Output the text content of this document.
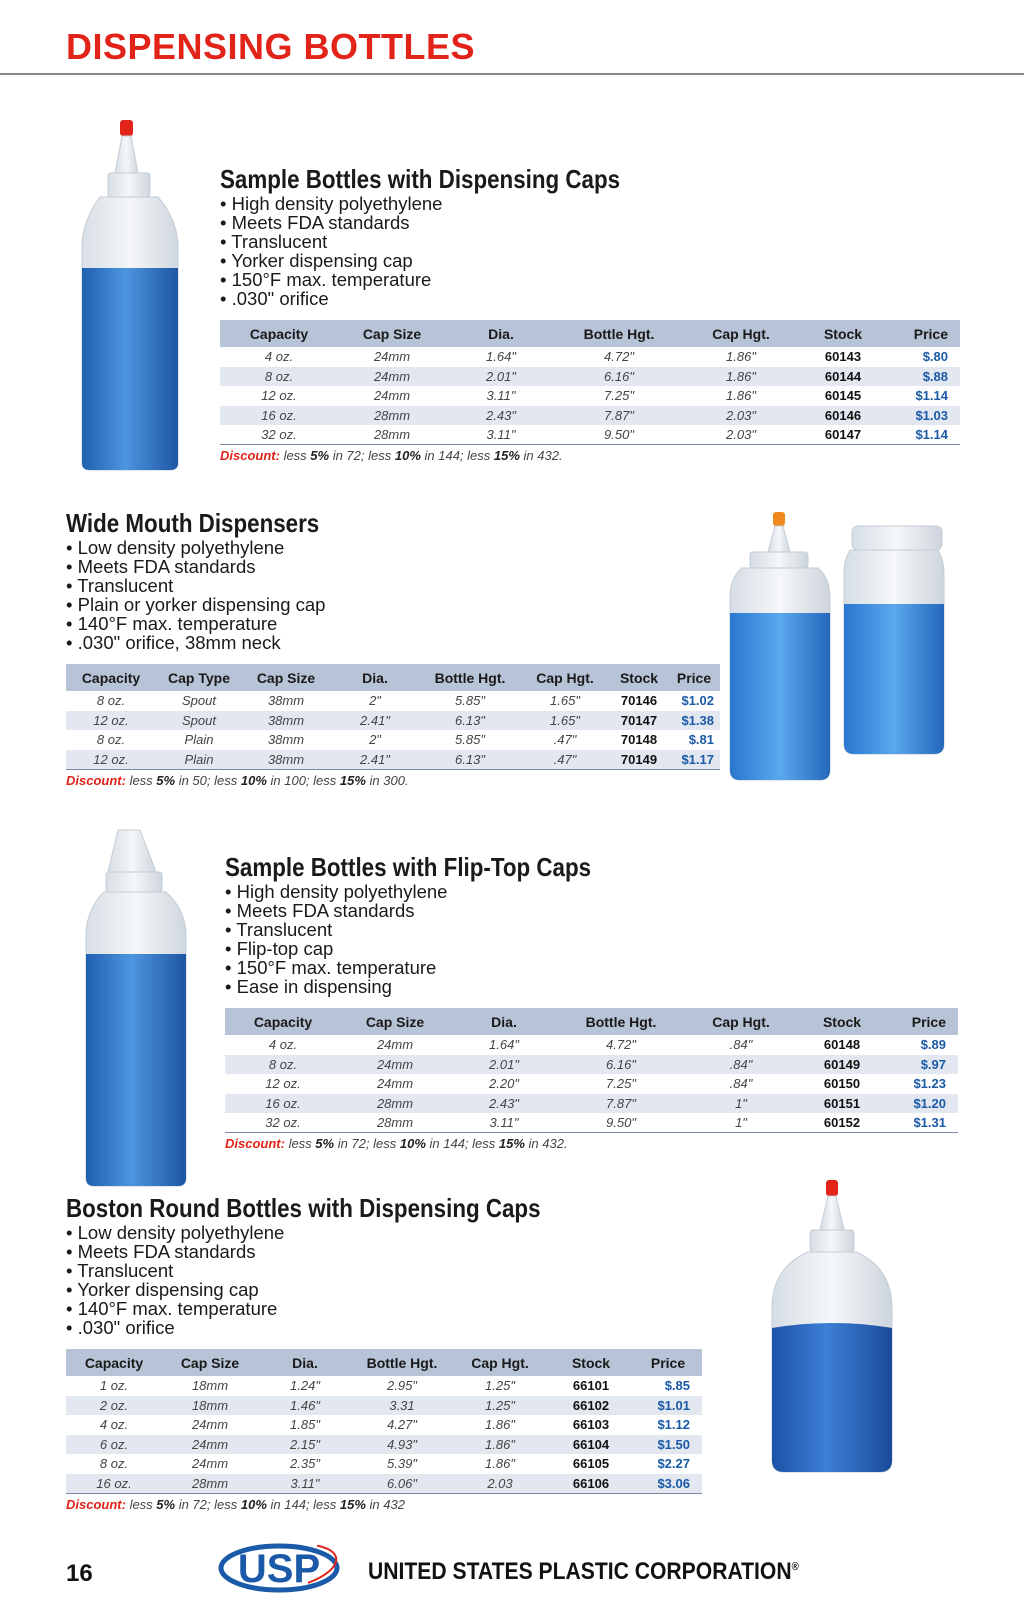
DISPENSING BOTTLES
Sample Bottles with Dispensing Caps
• High density polyethylene
• Meets FDA standards
• Translucent
• Yorker dispensing cap
• 150°F max. temperature
• .030" orifice
Capacity	Cap Size	Dia.	Bottle Hgt.	Cap Hgt.	Stock	Price
4 oz.	24mm	1.64"	4.72"	1.86"	60143	$.80
8 oz.	24mm	2.01"	6.16"	1.86"	60144	$.88
12 oz.	24mm	3.11"	7.25"	1.86"	60145	$1.14
16 oz.	28mm	2.43"	7.87"	2.03"	60146	$1.03
32 oz.	28mm	3.11"	9.50"	2.03"	60147	$1.14
Discount: less 5% in 72; less 10% in 144; less 15% in 432.
Wide Mouth Dispensers
• Low density polyethylene
• Meets FDA standards
• Translucent
• Plain or yorker dispensing cap
• 140°F max. temperature
• .030" orifice, 38mm neck
Capacity	Cap Type	Cap Size	Dia.	Bottle Hgt.	Cap Hgt.	Stock	Price
8 oz.	Spout	38mm	2"	5.85"	1.65"	70146	$1.02
12 oz.	Spout	38mm	2.41"	6.13"	1.65"	70147	$1.38
8 oz.	Plain	38mm	2"	5.85"	.47"	70148	$.81
12 oz.	Plain	38mm	2.41"	6.13"	.47"	70149	$1.17
Discount: less 5% in 50; less 10% in 100; less 15% in 300.
Sample Bottles with Flip-Top Caps
• High density polyethylene
• Meets FDA standards
• Translucent
• Flip-top cap
• 150°F max. temperature
• Ease in dispensing
Capacity	Cap Size	Dia.	Bottle Hgt.	Cap Hgt.	Stock	Price
4 oz.	24mm	1.64"	4.72"	.84"	60148	$.89
8 oz.	24mm	2.01"	6.16"	.84"	60149	$.97
12 oz.	24mm	2.20"	7.25"	.84"	60150	$1.23
16 oz.	28mm	2.43"	7.87"	1"	60151	$1.20
32 oz.	28mm	3.11"	9.50"	1"	60152	$1.31
Discount: less 5% in 72; less 10% in 144; less 15% in 432.
Boston Round Bottles with Dispensing Caps
• Low density polyethylene
• Meets FDA standards
• Translucent
• Yorker dispensing cap
• 140°F max. temperature
• .030" orifice
Capacity	Cap Size	Dia.	Bottle Hgt.	Cap Hgt.	Stock	Price
1 oz.	18mm	1.24"	2.95"	1.25"	66101	$.85
2 oz.	18mm	1.46"	3.31	1.25"	66102	$1.01
4 oz.	24mm	1.85"	4.27"	1.86"	66103	$1.12
6 oz.	24mm	2.15"	4.93"	1.86"	66104	$1.50
8 oz.	24mm	2.35"	5.39"	1.86"	66105	$2.27
16 oz.	28mm	3.11"	6.06"	2.03	66106	$3.06
Discount: less 5% in 72; less 10% in 144; less 15% in 432
16	USP UNITED STATES PLASTIC CORPORATION®
